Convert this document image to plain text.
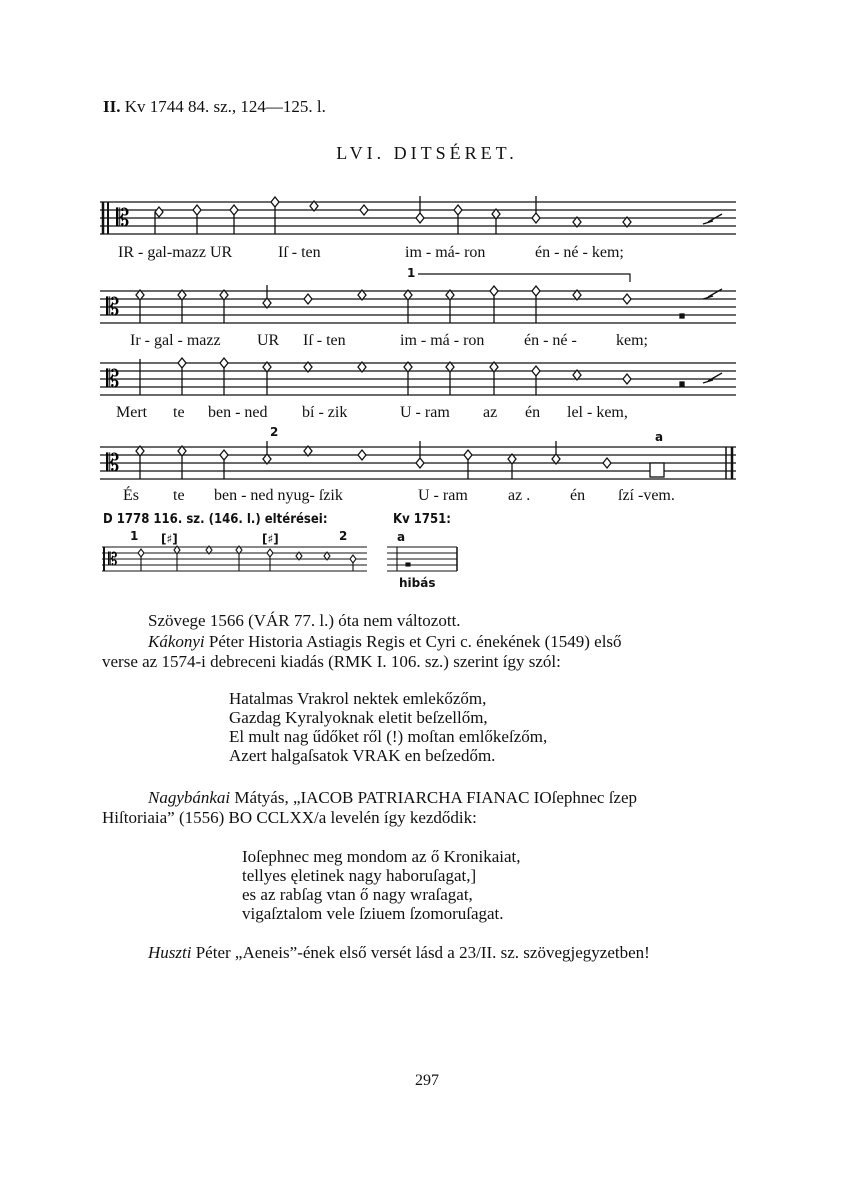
II. Kv 1744 84. sz., 124—125. l.
LVI. DITSÉRET.
𝄡
IR - gal-mazz UR	Iſ - ten	im - má- ron	én - né - kem;
1
𝄡
Ir - gal - mazz UR Iſ - ten	im - má - ron én - né - kem;
𝄡
Mert te ben - ned bí - zik	U - ram az én lel - kem,
2	a
𝄡
És te ben - ned nyug- ſzik	U - ram	az . én ſzí -vem.
D 1778 116. sz. (146. l.) eltérései:	Kv 1751:
1 [♯]	[♯]	2	a
𝄡
hibás
Szövege 1566 (VÁR 77. l.) óta nem változott.
Kákonyi Péter Historia Astiagis Regis et Cyri c. énekének (1549) első
verse az 1574-i debreceni kiadás (RMK I. 106. sz.) szerint így szól:
Hatalmas Vrakrol nektek emlekőzőm,
Gazdag Kyralyoknak eletit beſzellőm,
El mult nag űdőket ről (!) moſtan emlőkeſzőm,
Azert halgaſsatok VRAK en beſzedőm.
Nagybánkai Mátyás, „IACOB PATRIARCHA FIANAC IOſephnec ſzep
Hiſtoriaia” (1556) BO CCLXX/a levelén így kezdődik:
Ioſephnec meg mondom az ő Kronikaiat,
tellyes ęletinek nagy haboruſagat,]
es az rabſag vtan ő nagy wraſagat,
vigaſztalom vele ſziuem ſzomoruſagat.
Huszti Péter „Aeneis”-ének első versét lásd a 23/II. sz. szövegjegyzetben!
297
